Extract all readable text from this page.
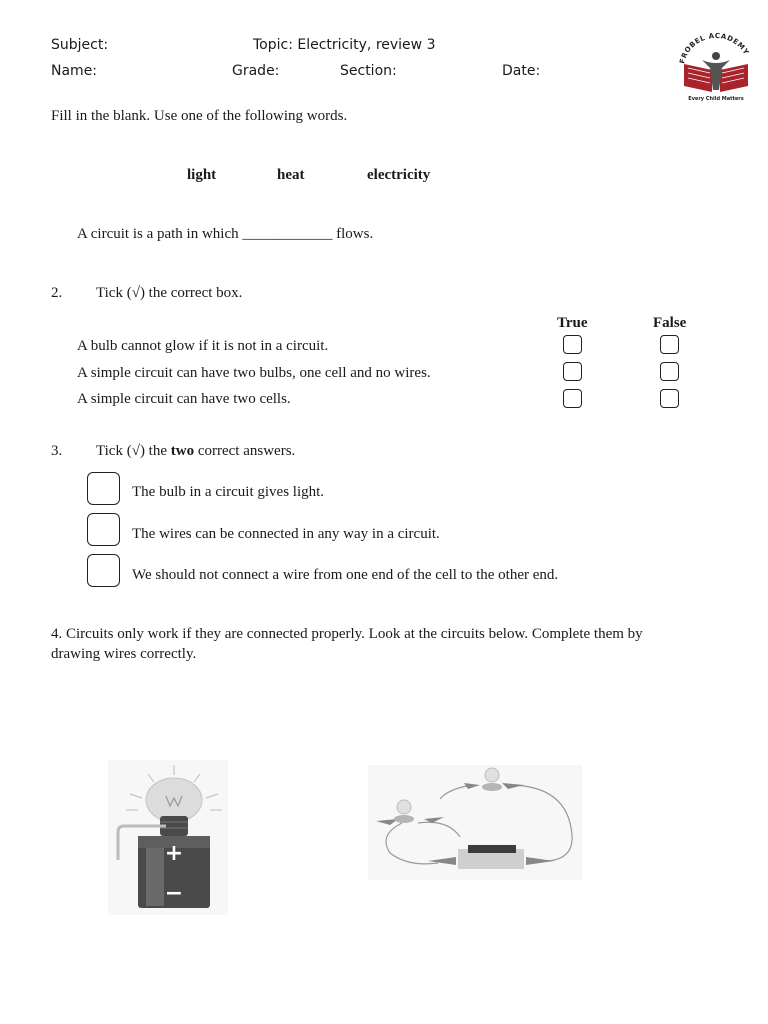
Subject:	Topic: Electricity, review 3
Name:	Grade:	Section:	Date:
FROBEL ACADEMY
Every Child Matters
Fill in the blank. Use one of the following words.
light	heat	electricity
A circuit is a path in which ____________ flows.
2. Tick (√) the correct box.
True	False
A bulb cannot glow if it is not in a circuit.
A simple circuit can have two bulbs, one cell and no wires.
A simple circuit can have two cells.
3. Tick (√) the two correct answers.
The bulb in a circuit gives light.
The wires can be connected in any way in a circuit.
We should not connect a wire from one end of the cell to the other end.
4. Circuits only work if they are connected properly. Look at the circuits below. Complete them by
drawing wires correctly.
+
−
